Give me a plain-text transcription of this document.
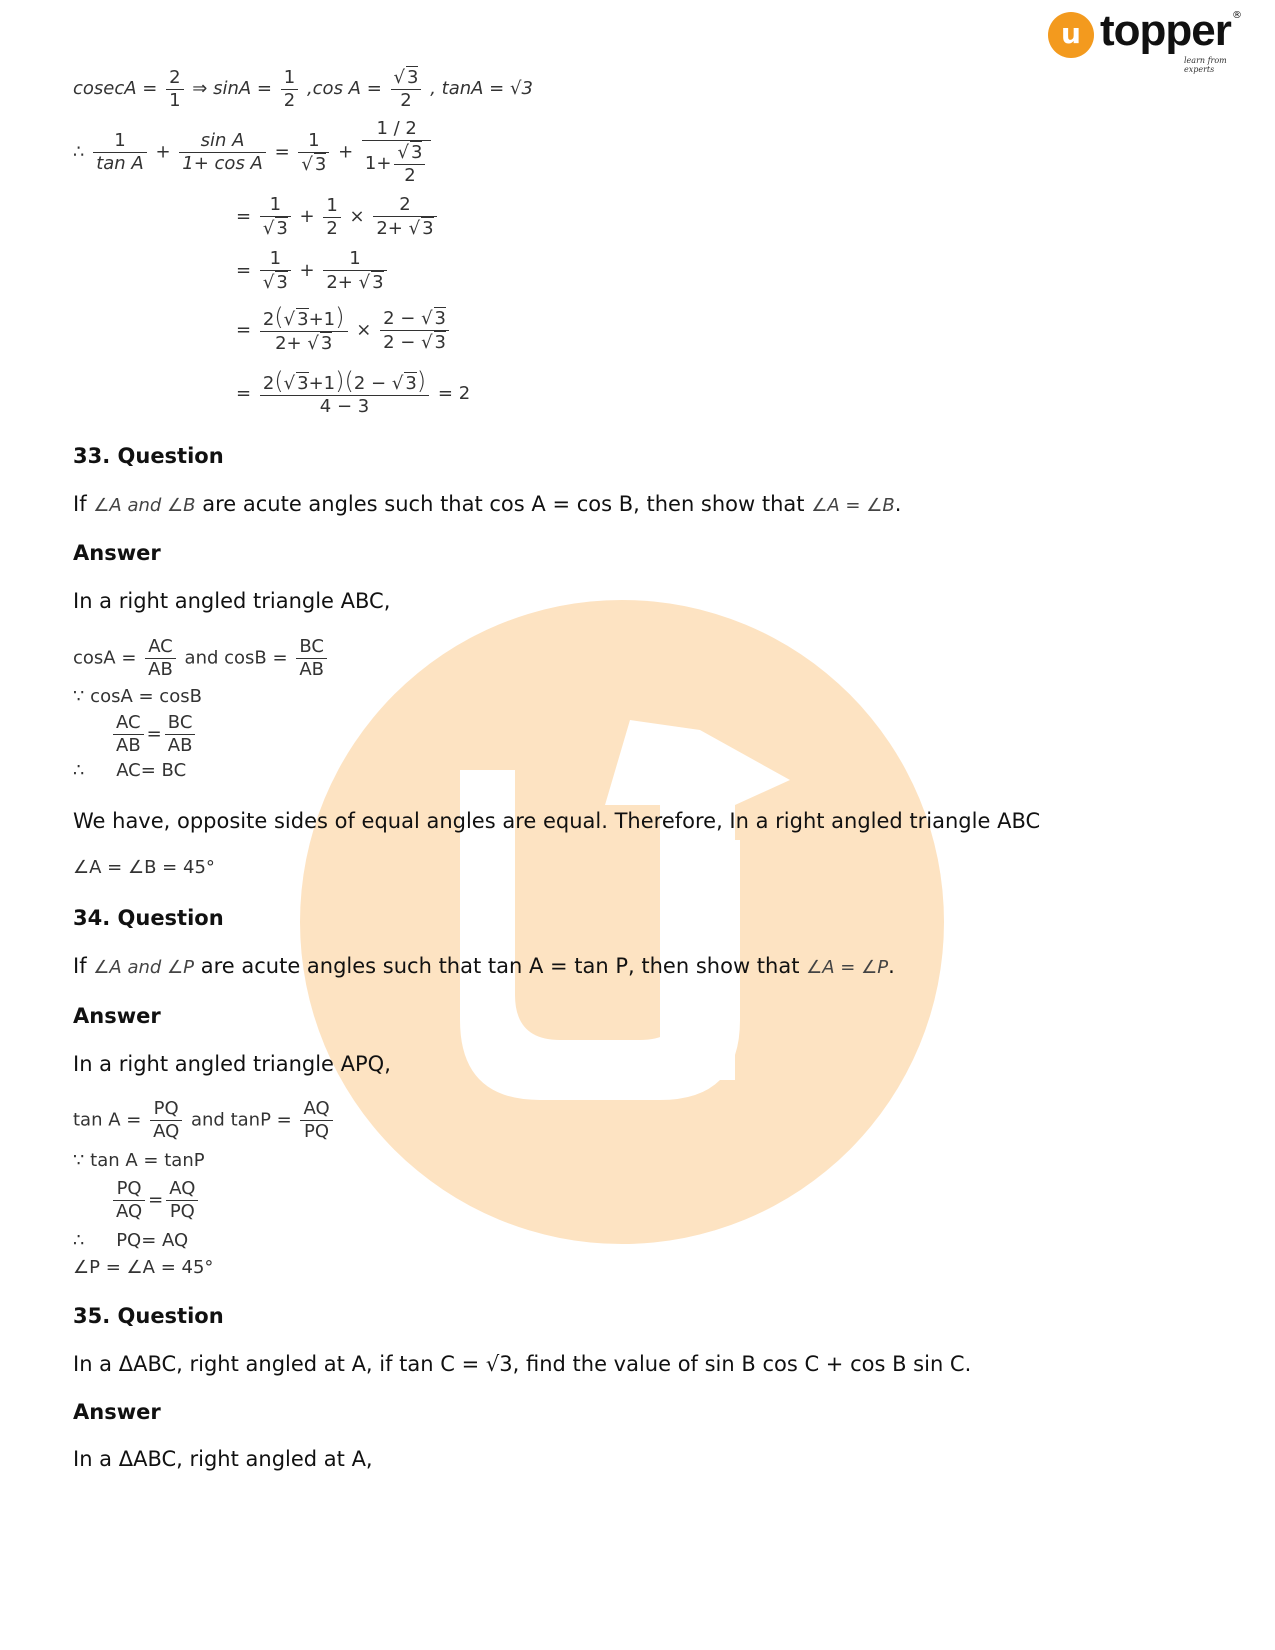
u topper ®
learn from experts
$cosecA = \frac{2}{1}$ ⇒ $\sin A = \frac{1}{2} ,\cos$ $A = \frac{√ 3}{2}$ , tanA = √3
∴ $\frac{1}{\text{tan A}} + \frac{\text{sin A}}{\text{1+ cos A}} = \frac{1}{√ 3} + \frac{1 / 2}{1+ \frac{√ 3}{2}}$
= $\frac{1}{√ 3} + \frac{1}{2} \times \frac{2}{2+ √ 3}$
= $\frac{1}{√ 3} + \frac{1}{2+ √ 3}$
= $\frac{2(√ 3+1)}{2+ √ 3} \times \frac{2 - √ 3}{2 - √ 3}$
= $\frac{2(√ 3+1)(2 - √ 3)}{4 - 3} = 2$
33. Question
If ∠A and ∠B are acute angles such that cos A = cos B, then show that ∠A = ∠B.
Answer
In a right angled triangle ABC,
$\cos A = \frac{AC}{AB}$ and $\cos B = \frac{BC}{AB}$
∵ cosA = cosB
$\frac{AC}{AB} = \frac{BC}{AB}$
∴ AC= BC
We have, opposite sides of equal angles are equal. Therefore, In a right angled triangle ABC
∠A = ∠B = 45°
34. Question
If ∠A and ∠P are acute angles such that tan A = tan P, then show that ∠A = ∠P.
Answer
In a right angled triangle APQ,
$\tan A = \frac{PQ}{AQ}$ and $\tan P = \frac{AQ}{PQ}$
∵ tan A = tanP
$\frac{PQ}{AQ} = \frac{AQ}{PQ}$
∴ PQ= AQ
∠P = ∠A = 45°
35. Question
In a ΔABC, right angled at A, if tan C = √3, find the value of sin B cos C + cos B sin C.
Answer
In a ΔABC, right angled at A,
